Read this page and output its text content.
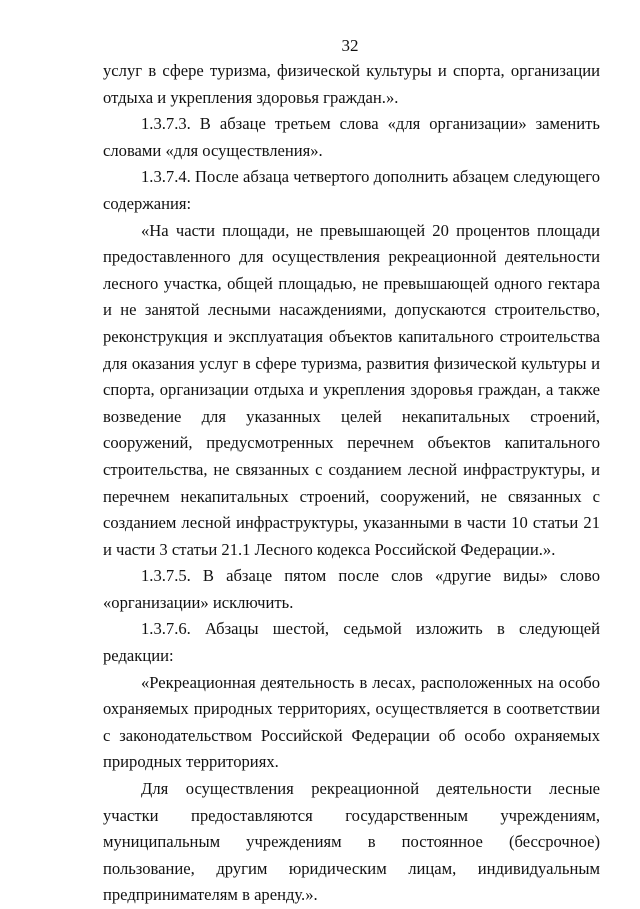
32

услуг в сфере туризма, физической культуры и спорта, организации отдыха и укрепления здоровья граждан.».

1.3.7.3. В абзаце третьем слова «для организации» заменить словами «для осуществления».

1.3.7.4. После абзаца четвертого дополнить абзацем следующего содержания:

«На части площади, не превышающей 20 процентов площади предоставленного для осуществления рекреационной деятельности лесного участка, общей площадью, не превышающей одного гектара и не занятой лесными насаждениями, допускаются строительство, реконструкция и эксплуатация объектов капитального строительства для оказания услуг в сфере туризма, развития физической культуры и спорта, организации отдыха и укрепления здоровья граждан, а также возведение для указанных целей некапитальных строений, сооружений, предусмотренных перечнем объектов капитального строительства, не связанных с созданием лесной инфраструктуры, и перечнем некапитальных строений, сооружений, не связанных с созданием лесной инфраструктуры, указанными в части 10 статьи 21 и части 3 статьи 21.1 Лесного кодекса Российской Федерации.».

1.3.7.5. В абзаце пятом после слов «другие виды» слово «организации» исключить.

1.3.7.6. Абзацы шестой, седьмой изложить в следующей редакции:

«Рекреационная деятельность в лесах, расположенных на особо охраняемых природных территориях, осуществляется в соответствии с законодательством Российской Федерации об особо охраняемых природных территориях.

Для осуществления рекреационной деятельности лесные участки предоставляются государственным учреждениям, муниципальным учреждениям в постоянное (бессрочное) пользование, другим юридическим лицам, индивидуальным предпринимателям в аренду.».
